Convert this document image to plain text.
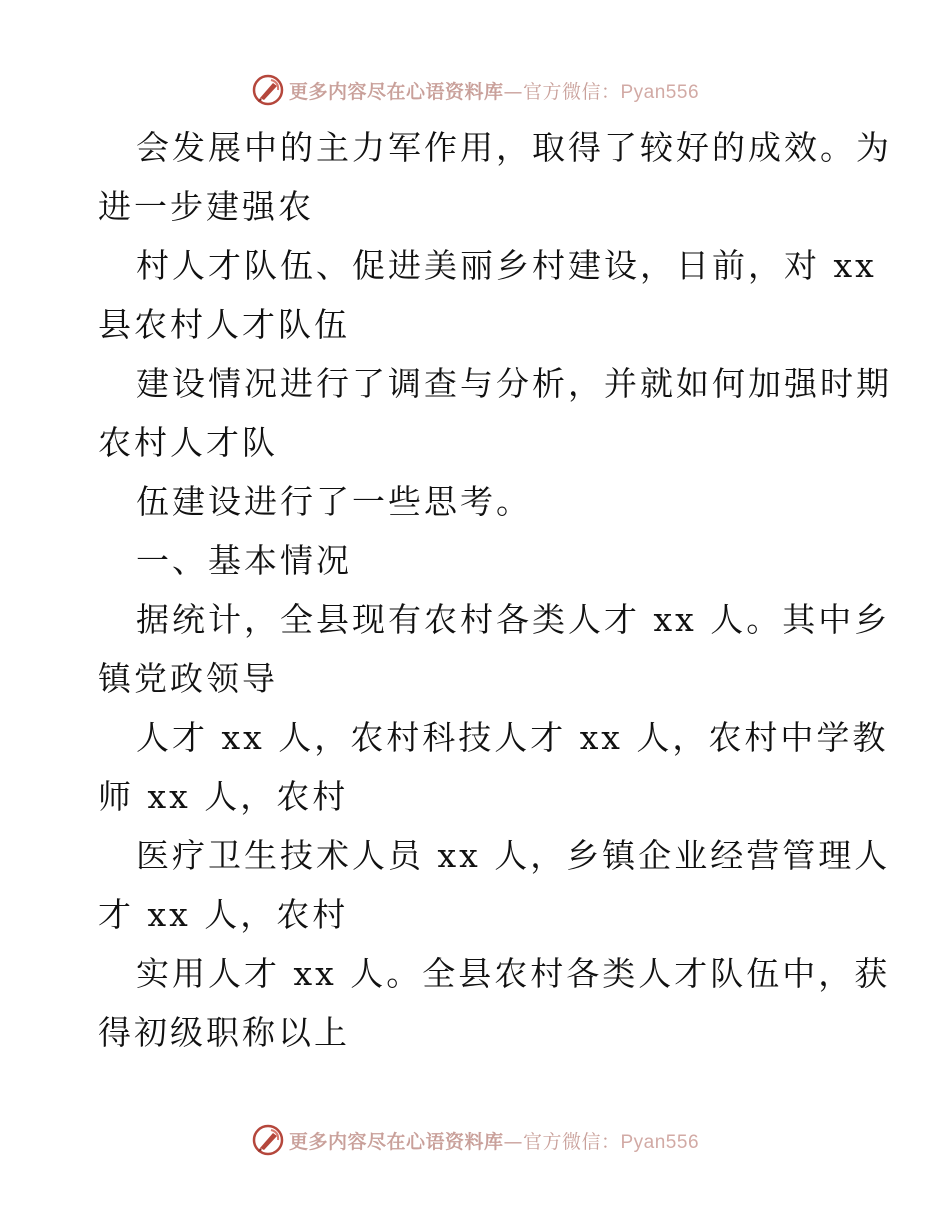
更多内容尽在心语资料库—官方微信：Pyan556
会发展中的主力军作用，取得了较好的成效。为
进一步建强农
村人才队伍、促进美丽乡村建设，日前，对 xx
县农村人才队伍
建设情况进行了调查与分析，并就如何加强时期
农村人才队
伍建设进行了一些思考。
一、基本情况
据统计，全县现有农村各类人才 xx 人。其中乡
镇党政领导
人才 xx 人，农村科技人才 xx 人，农村中学教
师 xx 人，农村
医疗卫生技术人员 xx 人，乡镇企业经营管理人
才 xx 人，农村
实用人才 xx 人。全县农村各类人才队伍中，获
得初级职称以上
更多内容尽在心语资料库—官方微信：Pyan556
